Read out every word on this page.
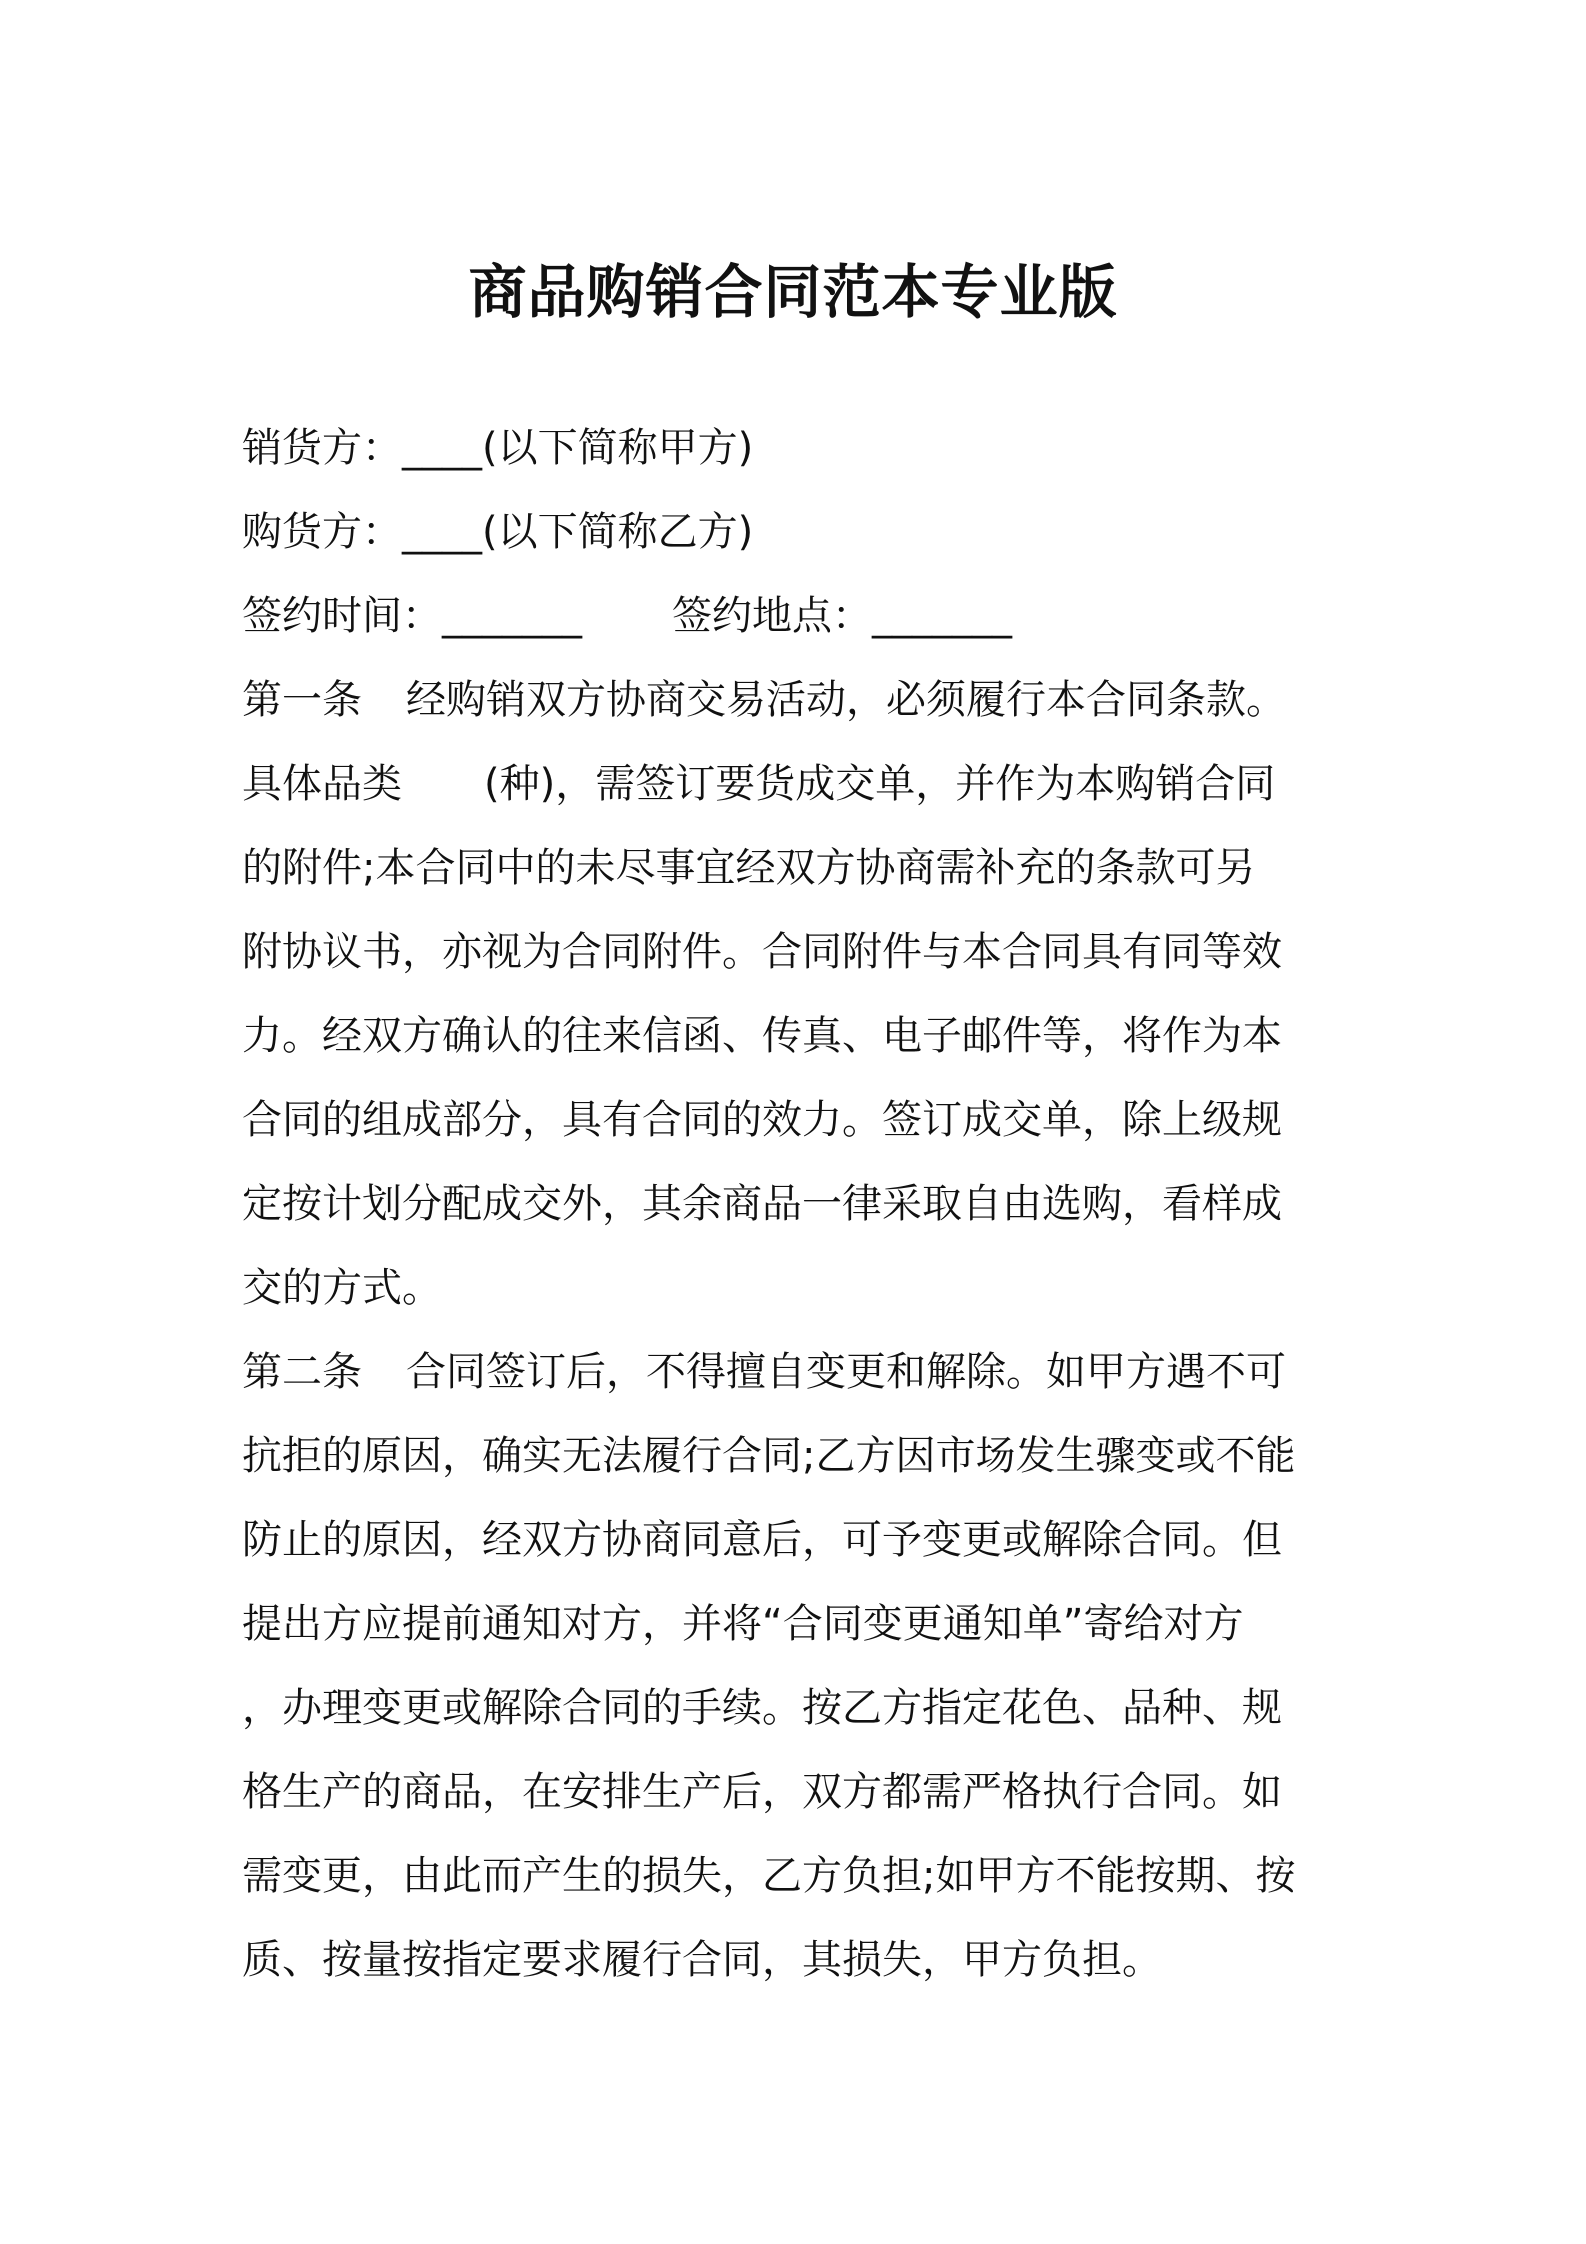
商品购销合同范本专业版
销货方：____(以下简称甲方)
购货方：____(以下简称乙方)
签约时间：_______ 签约地点：_______
第一条 经购销双方协商交易活动，必须履行本合同条款。
具体品类 (种)，需签订要货成交单，并作为本购销合同
的附件;本合同中的未尽事宜经双方协商需补充的条款可另
附协议书，亦视为合同附件。合同附件与本合同具有同等效
力。经双方确认的往来信函、传真、电子邮件等，将作为本
合同的组成部分，具有合同的效力。签订成交单，除上级规
定按计划分配成交外，其余商品一律采取自由选购，看样成
交的方式。
第二条 合同签订后，不得擅自变更和解除。如甲方遇不可
抗拒的原因，确实无法履行合同;乙方因市场发生骤变或不能
防止的原因，经双方协商同意后，可予变更或解除合同。但
提出方应提前通知对方，并将“合同变更通知单”寄给对方
，办理变更或解除合同的手续。按乙方指定花色、品种、规
格生产的商品，在安排生产后，双方都需严格执行合同。如
需变更，由此而产生的损失，乙方负担;如甲方不能按期、按
质、按量按指定要求履行合同，其损失，甲方负担。
